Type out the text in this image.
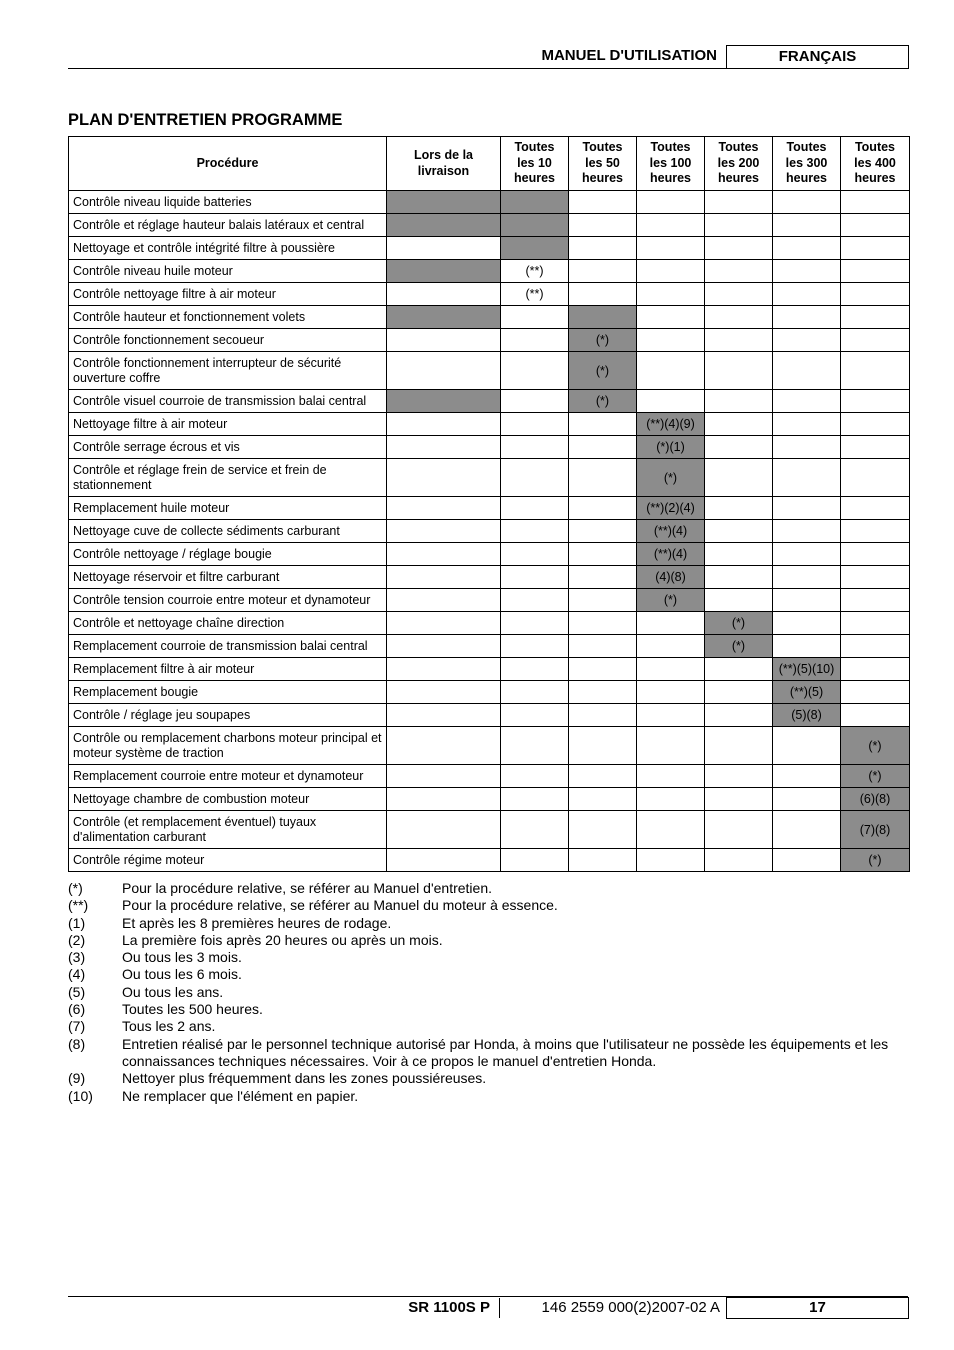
MANUEL D'UTILISATION	FRANÇAIS
PLAN D'ENTRETIEN PROGRAMME
Procédure	Lors de la livraison	Toutes les 10 heures	Toutes les 50 heures	Toutes les 100 heures	Toutes les 200 heures	Toutes les 300 heures	Toutes les 400 heures
Contrôle niveau liquide batteries							
Contrôle et réglage hauteur balais latéraux et central							
Nettoyage et contrôle intégrité filtre à poussière							
Contrôle niveau huile moteur		(**)					
Contrôle nettoyage filtre à air moteur		(**)					
Contrôle hauteur et fonctionnement volets							
Contrôle fonctionnement secoueur			(*)				
Contrôle fonctionnement interrupteur de sécurité ouverture coffre			(*)				
Contrôle visuel courroie de transmission balai central			(*)				
Nettoyage filtre à air moteur				(**)(4)(9)			
Contrôle serrage écrous et vis				(*)(1)			
Contrôle et réglage frein de service et frein de stationnement				(*)			
Remplacement huile moteur				(**)(2)(4)			
Nettoyage cuve de collecte sédiments carburant				(**)(4)			
Contrôle nettoyage / réglage bougie				(**)(4)			
Nettoyage réservoir et filtre carburant				(4)(8)			
Contrôle tension courroie entre moteur et dynamoteur				(*)			
Contrôle et nettoyage chaîne direction					(*)		
Remplacement courroie de transmission balai central					(*)		
Remplacement filtre à air moteur						(**)(5)(10)	
Remplacement bougie						(**)(5)	
Contrôle / réglage jeu soupapes						(5)(8)	
Contrôle ou remplacement charbons moteur principal et moteur système de traction							(*)
Remplacement courroie entre moteur et dynamoteur							(*)
Nettoyage chambre de combustion moteur							(6)(8)
Contrôle (et remplacement éventuel) tuyaux d'alimentation carburant							(7)(8)
Contrôle régime moteur							(*)
(*)	Pour la procédure relative, se référer au Manuel d'entretien.
(**)	Pour la procédure relative, se référer au Manuel du moteur à essence.
(1)	Et après les 8 premières heures de rodage.
(2)	La première fois après 20 heures ou après un mois.
(3)	Ou tous les 3 mois.
(4)	Ou tous les 6 mois.
(5)	Ou tous les ans.
(6)	Toutes les 500 heures.
(7)	Tous les 2 ans.
(8)	Entretien réalisé par le personnel technique autorisé par Honda, à moins que l'utilisateur ne possède les équipements et les connaissances techniques nécessaires. Voir à ce propos le manuel d'entretien Honda.
(9)	Nettoyer plus fréquemment dans les zones poussiéreuses.
(10)	Ne remplacer que l'élément en papier.
SR 1100S P	146 2559 000(2)2007-02 A	17
